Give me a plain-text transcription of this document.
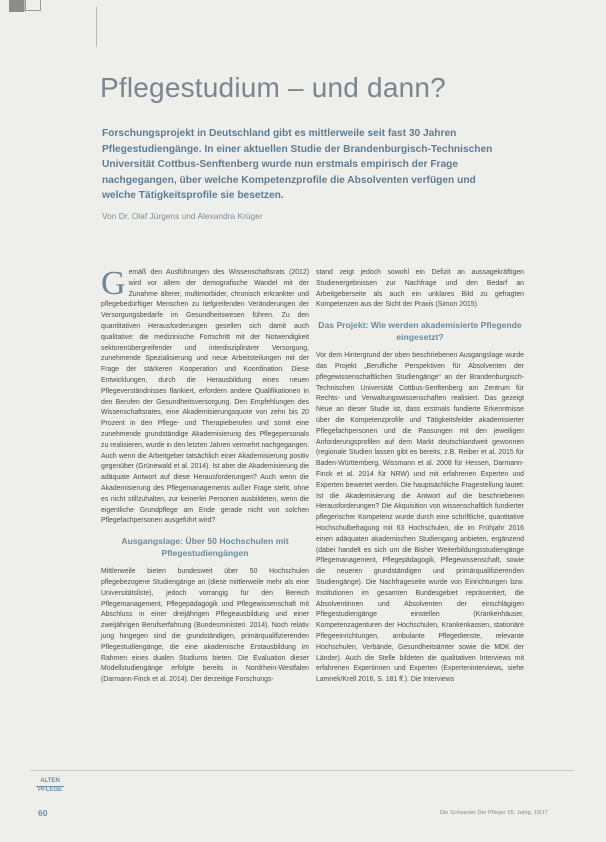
Pflegestudium – und dann?

Forschungsprojekt in Deutschland gibt es mittlerweile seit fast 30 Jahren Pflegestudiengänge. In einer aktuellen Studie der Brandenburgisch-Technischen Universität Cottbus-Senftenberg wurde nun erstmals empirisch der Frage nachgegangen, über welche Kompetenzprofile die Absolventen verfügen und welche Tätigkeitsprofile sie besetzen.

Von Dr. Olaf Jürgens und Alexandra Krüger

G emäß den Ausführungen des Wissenschaftsrats (2012) wird vor allem der demografische Wandel mit der Zunahme älterer, multimorbider, chronisch erkrankter und pflegebedürftiger Menschen zu tiefgreifenden Veränderungen der Versorgungsbedarfe im Gesundheitswesen führen. Zu den quantitativen Herausforderungen gesellen sich damit auch qualitative: die medizinische Fortschritt mit der Notwendigkeit sektorenübergreifender und interdisziplinärer Versorgung, zunehmende Spezialisierung und neue Arbeitsteilungen mit der Frage der stärkeren Kooperation und Koordination. Diese Entwicklungen, durch die Herausbildung eines neuen Pflegeverständnisses flankiert, erfordern andere Qualifikationen in den Berufen der Gesundheitsversorgung. Den Empfehlungen des Wissenschaftsrates, eine Akademisierungsquote von zehn bis 20 Prozent in den Pflege- und Therapieberufen und somit eine zunehmende grundständige Akademisierung des Pflegepersonals zu realisieren, wurde in den letzten Jahren vermehrt nachgegangen. Auch wenn die Arbeitgeber tatsächlich einer Akademisierung positiv gegenüber (Grünewald et al. 2014). Ist aber die Akademisierung die adäquate Antwort auf diese Herausforderungen? Auch wenn die Akademisierung des Pflegemanagements außer Frage steht, ohne es nicht stillzuhalten, zur keinerlei Personen ausbildeten, wenn die eigentliche Grundpflege am Ende gerade nicht von solchen Pflegefachpersonen ausgeführt wird?

Ausgangslage: Über 50 Hochschulen mit Pflegestudiengängen

Mittlerweile bieten bundesweit über 50 Hochschulen pflegebezogene Studiengänge an (diese mittlerweile mehr als eine Universitätsliste), jedoch vorrangig für den Bereich Pflegemanagement, Pflegepädagogik und Pflegewissenschaft mit Abschluss in einer dreijährigen Pflegeausbildung und einer zweijährigen Berufserfahrung (Bundesministeri. 2014). Noch relativ jung hingegen sind die grundständigen, primärqualifizierenden Pflegestudiengänge, die eine akademische Erstausbildung im Rahmen eines dualen Studiums bieten. Die Evaluation dieser Modellstudiengänge erfolgte bereits in Nordrhein-Westfalen (Darmann-Finck et al. 2014). Der derzeitige Forschungs-

stand zeigt jedoch sowohl ein Defizit an aussagekräftigen Studienergebnissen zur Nachfrage und den Bedarf an Arbeitgeberseite als auch ein unklares Bild zu gefragten Kompetenzen aus der Sicht der Praxis (Simon 2015).

Das Projekt: Wie werden akademisierte Pflegende eingesetzt?

Vor dem Hintergrund der oben beschriebenen Ausgangslage wurde das Projekt „Berufliche Perspektiven für Absolventen der pflegewissenschaftlichen Studiengänge“ an der Brandenburgisch-Technischen Universität Cottbus-Senftenberg am Zentrum für Rechts- und Verwaltungswissenschaften realisiert. Das gezeigt Neue an dieser Studie ist, dass erstmals fundierte Erkenntnisse über die Kompetenzprofile und Tätigkeitsfelder akademisierter Pflegefachpersonen und die Passungen mit den jeweiligen Anforderungsprofilen auf dem Markt deutschlandweit gewonnen (regionale Studien lassen gibt es bereits, z.B. Reiber et al. 2015 für Baden-Württemberg, Wissmann et al. 2008 für Hessen, Darmann-Finck et al. 2014 für NRW) und mit erfahrenen Experten und Experten bewertet werden. Die hauptsächliche Fragestellung lautet: Ist die Akademisierung die Antwort auf die beschriebenen Herausforderungen? Die Akquisition von wissenschaftlich fundierter pflegerischer Kompetenz wurde durch eine schriftliche, quantitative Hochschulbefragung mit 63 Hochschulen, die im Frühjahr 2016 einen adäquaten akademischen Studiengang anbieten, ergänzend (dabei handelt es sich um die Bisher Weiterbildungsstudiengänge Pflegemanagement, Pflegepädagogik, Pflegewissenschaft, sowie die neueren grundständigen und primärqualifizierenden Studiengänge). Die Nachfrageseite wurde von Einrichtungen bzw. Institutionen im gesamten Bundesgebiet repräsentiert, die Absolventinnen und Absolventen der einschlägigen Pflegestudiengänge einstellen (Krankenhäuser, Kompetenzagenturen der Hochschulen, Krankenkassen, stationäre Pflegeeinrichtungen, ambulante Pflegedienste, relevante Hochschulen, Verbände, Gesundheitsämter sowie die MDK der Länder). Auch die Stelle bildeten die qualitativen Interviews mit erfahrenen Expertinnen und Experten (Experteninterviews, siehe Lamnek/Krell 2016, S. 181 ff.). Die Interviews

ALTEN
PFLEGE
60	Die Schwester Der Pfleger 55. Jahrg. 10|17
